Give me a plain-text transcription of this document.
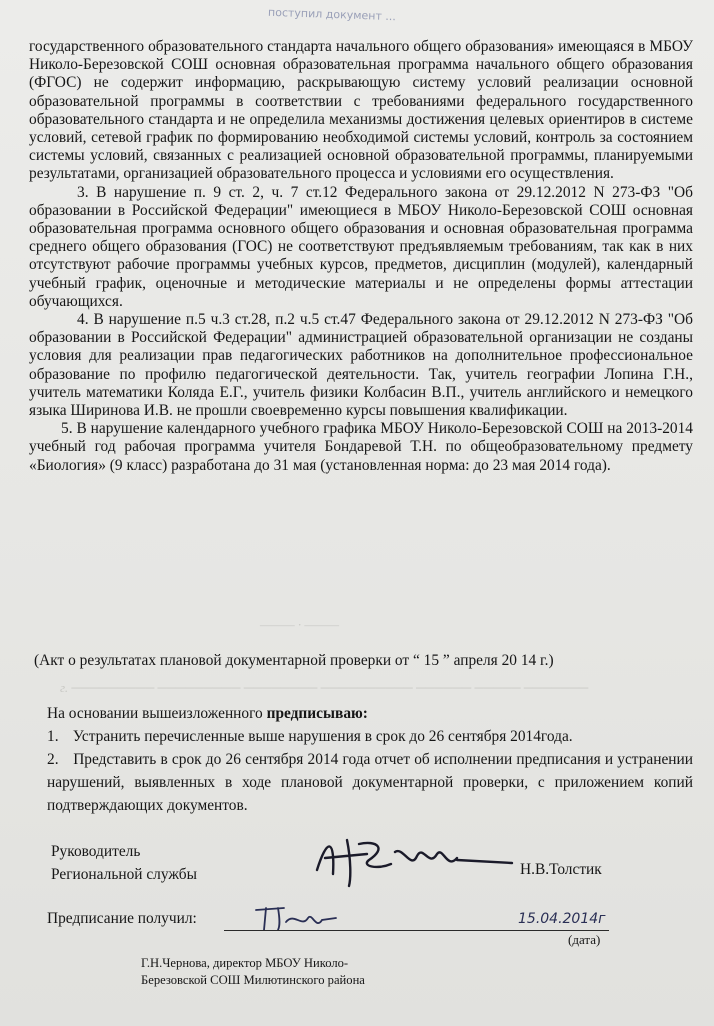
поступил документ ...
——— · ———
г. ───────── ───────── ──────── ────────── ────── ───── ───────

государственного образовательного стандарта начального общего образования» имеющаяся в МБОУ Николо-Березовской СОШ основная образовательная программа начального общего образования (ФГОС) не содержит информацию, раскрывающую систему условий реализации основной образовательной программы в соответствии с требованиями федерального государственного образовательного стандарта и не определила механизмы достижения целевых ориентиров в системе условий, сетевой график по формированию необходимой системы условий, контроль за состоянием системы условий, связанных с реализацией основной образовательной программы, планируемыми результатами, организацией образовательного процесса и условиями его осуществления.

3. В нарушение п. 9 ст. 2, ч. 7 ст.12 Федерального закона от 29.12.2012 N 273-ФЗ "Об образовании в Российской Федерации" имеющиеся в МБОУ Николо-Березовской СОШ основная образовательная программа основного общего образования и основная образовательная программа среднего общего образования (ГОС) не соответствуют предъявляемым требованиям, так как в них отсутствуют рабочие программы учебных курсов, предметов, дисциплин (модулей), календарный учебный график, оценочные и методические материалы и не определены формы аттестации обучающихся.

4. В нарушение п.5 ч.3 ст.28, п.2 ч.5 ст.47 Федерального закона от 29.12.2012 N 273-ФЗ "Об образовании в Российской Федерации" администрацией образовательной организации не созданы условия для реализации прав педагогических работников на дополнительное профессиональное образование по профилю педагогической деятельности. Так, учитель географии Лопина Г.Н., учитель математики Коляда Е.Г., учитель физики Колбасин В.П., учитель английского и немецкого языка Ширинова И.В. не прошли своевременно курсы повышения квалификации.

5. В нарушение календарного учебного графика МБОУ Николо-Березовской СОШ на 2013-2014 учебный год рабочая программа учителя Бондаревой Т.Н. по общеобразовательному предмету «Биология» (9 класс) разработана до 31 мая (установленная норма: до 23 мая 2014 года).

(Акт о результатах плановой документарной проверки от “ 15 ” апреля 20 14 г.)
На основании вышеизложенного предписываю:
1. Устранить перечисленные выше нарушения в срок до 26 сентября 2014года.
2. Представить в срок до 26 сентября 2014 года отчет об исполнении предписания и устранении нарушений, выявленных в ходе плановой документарной проверки, с приложением копий подтверждающих документов.
Руководитель
Региональной службы	Н.В.Толстик
Предписание получил:	15.04.2014г
(дата)
Г.Н.Чернова, директор МБОУ Николо-
Березовской СОШ Милютинского района
